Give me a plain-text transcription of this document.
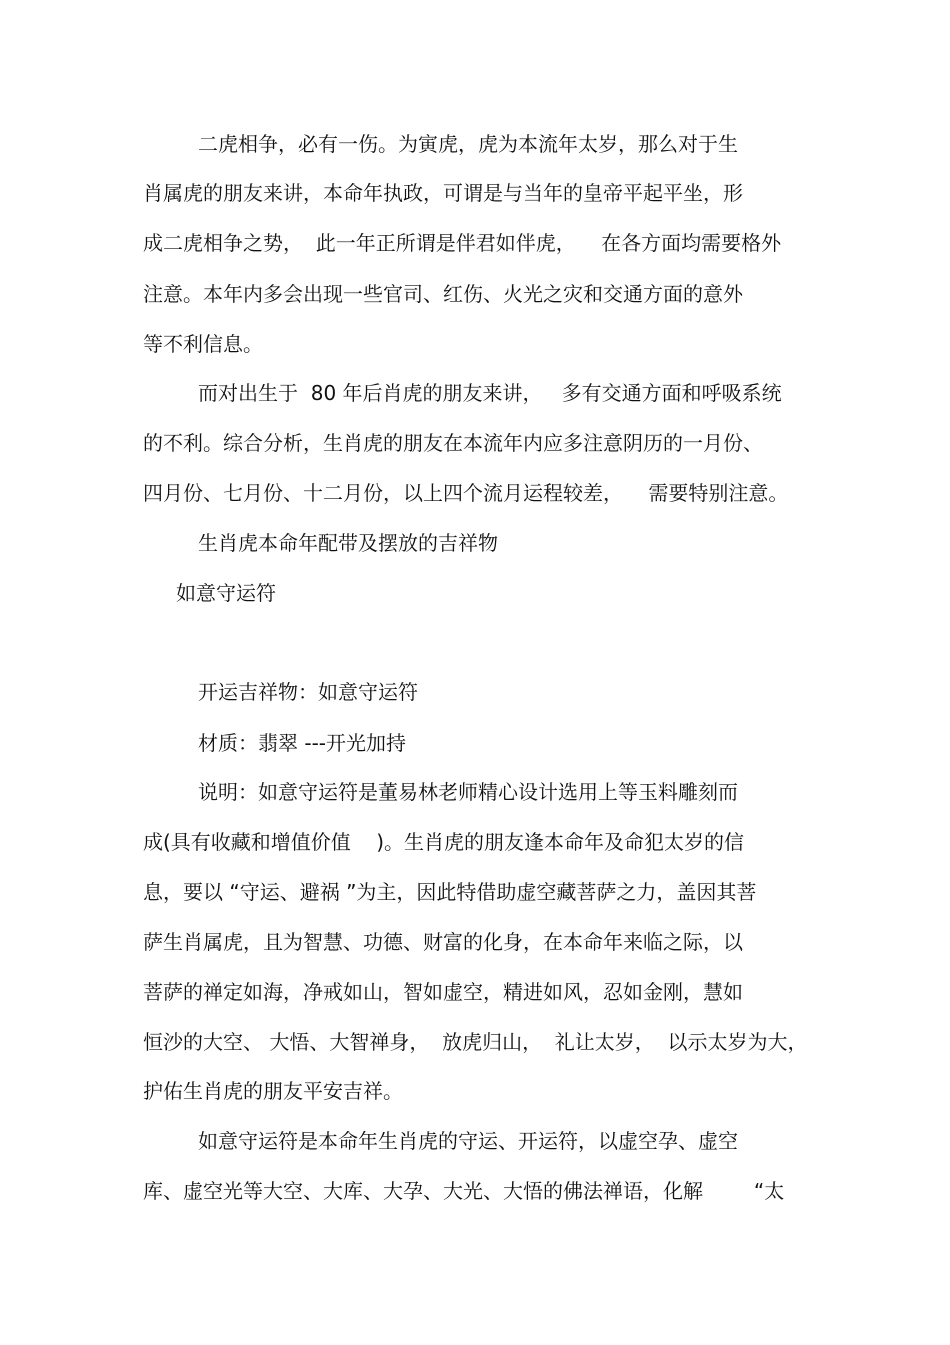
二虎相争，必有一伤。为寅虎，虎为本流年太岁，那么对于生

肖属虎的朋友来讲，本命年执政，可谓是与当年的皇帝平起平坐，形

成二虎相争之势，  此一年正所谓是伴君如伴虎，    在各方面均需要格外

注意。本年内多会出现一些官司、红伤、火光之灾和交通方面的意外

等不利信息。

而对出生于  80 年后肖虎的朋友来讲，   多有交通方面和呼吸系统

的不利。综合分析，生肖虎的朋友在本流年内应多注意阴历的一月份、

四月份、七月份、十二月份，以上四个流月运程较差，    需要特别注意。

生肖虎本命年配带及摆放的吉祥物

如意守运符

开运吉祥物：如意守运符

材质：翡翠 ---开光加持

说明：如意守运符是董易林老师精心设计选用上等玉料雕刻而

成(具有收藏和增值价值    )。生肖虎的朋友逢本命年及命犯太岁的信

息，要以 “守运、避祸 ”为主，因此特借助虚空藏菩萨之力，盖因其菩

萨生肖属虎，且为智慧、功德、财富的化身，在本命年来临之际，以

菩萨的禅定如海，净戒如山，智如虚空，精进如风，忍如金刚，慧如

恒沙的大空、 大悟、大智禅身，  放虎归山，  礼让太岁，  以示太岁为大，

护佑生肖虎的朋友平安吉祥。

如意守运符是本命年生肖虎的守运、开运符，以虚空孕、虚空

库、虚空光等大空、大库、大孕、大光、大悟的佛法禅语，化解        “太
